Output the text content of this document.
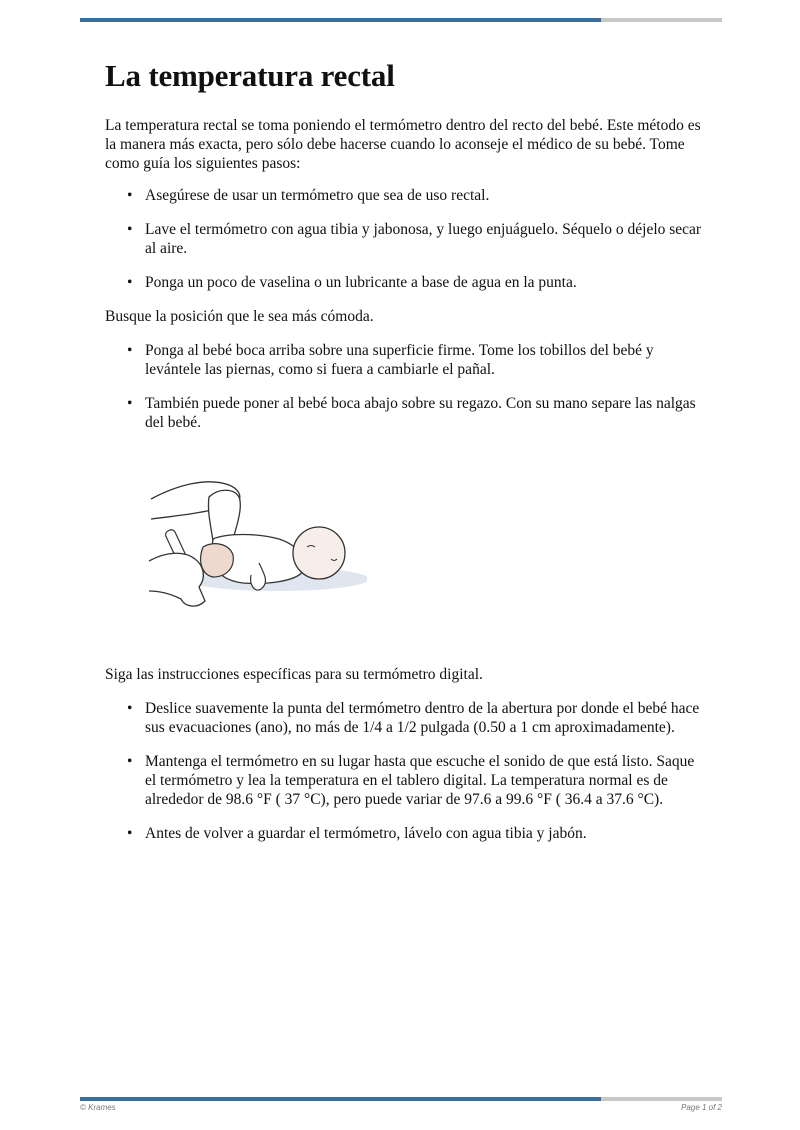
La temperatura rectal

La temperatura rectal se toma poniendo el termómetro dentro del recto del bebé. Este método es la manera más exacta, pero sólo debe hacerse cuando lo aconseje el médico de su bebé. Tome como guía los siguientes pasos:

• Asegúrese de usar un termómetro que sea de uso rectal.
• Lave el termómetro con agua tibia y jabonosa, y luego enjuáguelo. Séquelo o déjelo secar al aire.
• Ponga un poco de vaselina o un lubricante a base de agua en la punta.

Busque la posición que le sea más cómoda.

• Ponga al bebé boca arriba sobre una superficie firme. Tome los tobillos del bebé y levántele las piernas, como si fuera a cambiarle el pañal.
• También puede poner al bebé boca abajo sobre su regazo. Con su mano separe las nalgas del bebé.

Siga las instrucciones específicas para su termómetro digital.

• Deslice suavemente la punta del termómetro dentro de la abertura por donde el bebé hace sus evacuaciones (ano), no más de 1/4 a 1/2 pulgada (0.50 a 1 cm aproximadamente).
• Mantenga el termómetro en su lugar hasta que escuche el sonido de que está listo. Saque el termómetro y lea la temperatura en el tablero digital. La temperatura normal es de alrededor de 98.6 °F ( 37 °C), pero puede variar de 97.6 a 99.6 °F ( 36.4 a 37.6 °C).
• Antes de volver a guardar el termómetro, lávelo con agua tibia y jabón.
© Krames	Page 1 of 2
